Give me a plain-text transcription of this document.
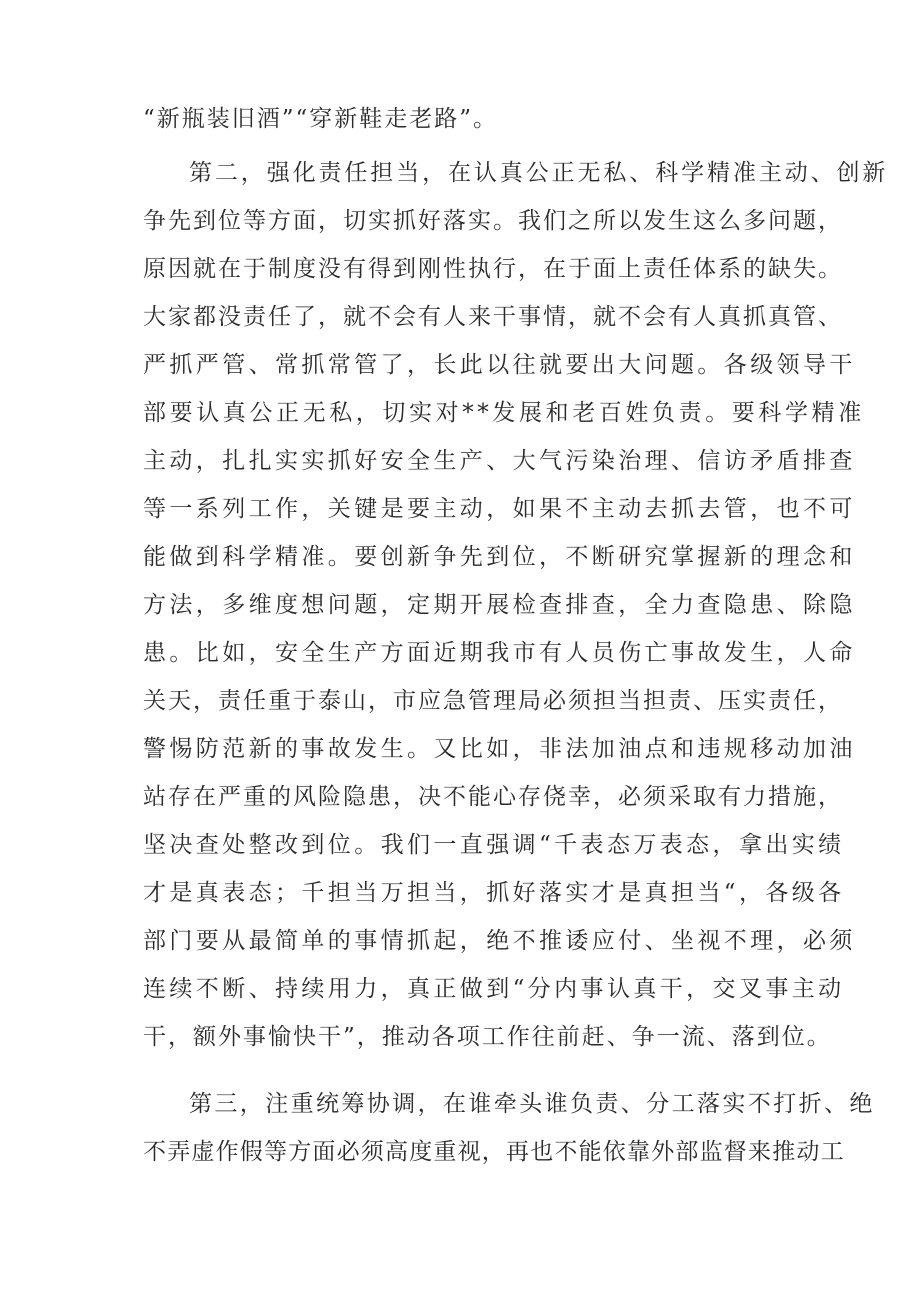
“新瓶装旧酒”“穿新鞋走老路”。

第二，强化责任担当，在认真公正无私、科学精准主动、创新

争先到位等方面，切实抓好落实。我们之所以发生这么多问题，

原因就在于制度没有得到刚性执行，在于面上责任体系的缺失。

大家都没责任了，就不会有人来干事情，就不会有人真抓真管、

严抓严管、常抓常管了，长此以往就要出大问题。各级领导干

部要认真公正无私，切实对**发展和老百姓负责。要科学精准

主动，扎扎实实抓好安全生产、大气污染治理、信访矛盾排查

等一系列工作，关键是要主动，如果不主动去抓去管，也不可

能做到科学精准。要创新争先到位，不断研究掌握新的理念和

方法，多维度想问题，定期开展检查排查，全力查隐患、除隐

患。比如，安全生产方面近期我市有人员伤亡事故发生，人命

关天，责任重于泰山，市应急管理局必须担当担责、压实责任，

警惕防范新的事故发生。又比如，非法加油点和违规移动加油

站存在严重的风险隐患，决不能心存侥幸，必须采取有力措施，

坚决查处整改到位。我们一直强调“千表态万表态，拿出实绩

才是真表态；千担当万担当，抓好落实才是真担当“，各级各

部门要从最简单的事情抓起，绝不推诿应付、坐视不理，必须

连续不断、持续用力，真正做到“分内事认真干，交叉事主动

干，额外事愉快干”，推动各项工作往前赶、争一流、落到位。

第三，注重统筹协调，在谁牵头谁负责、分工落实不打折、绝

不弄虚作假等方面必须高度重视，再也不能依靠外部监督来推动工
